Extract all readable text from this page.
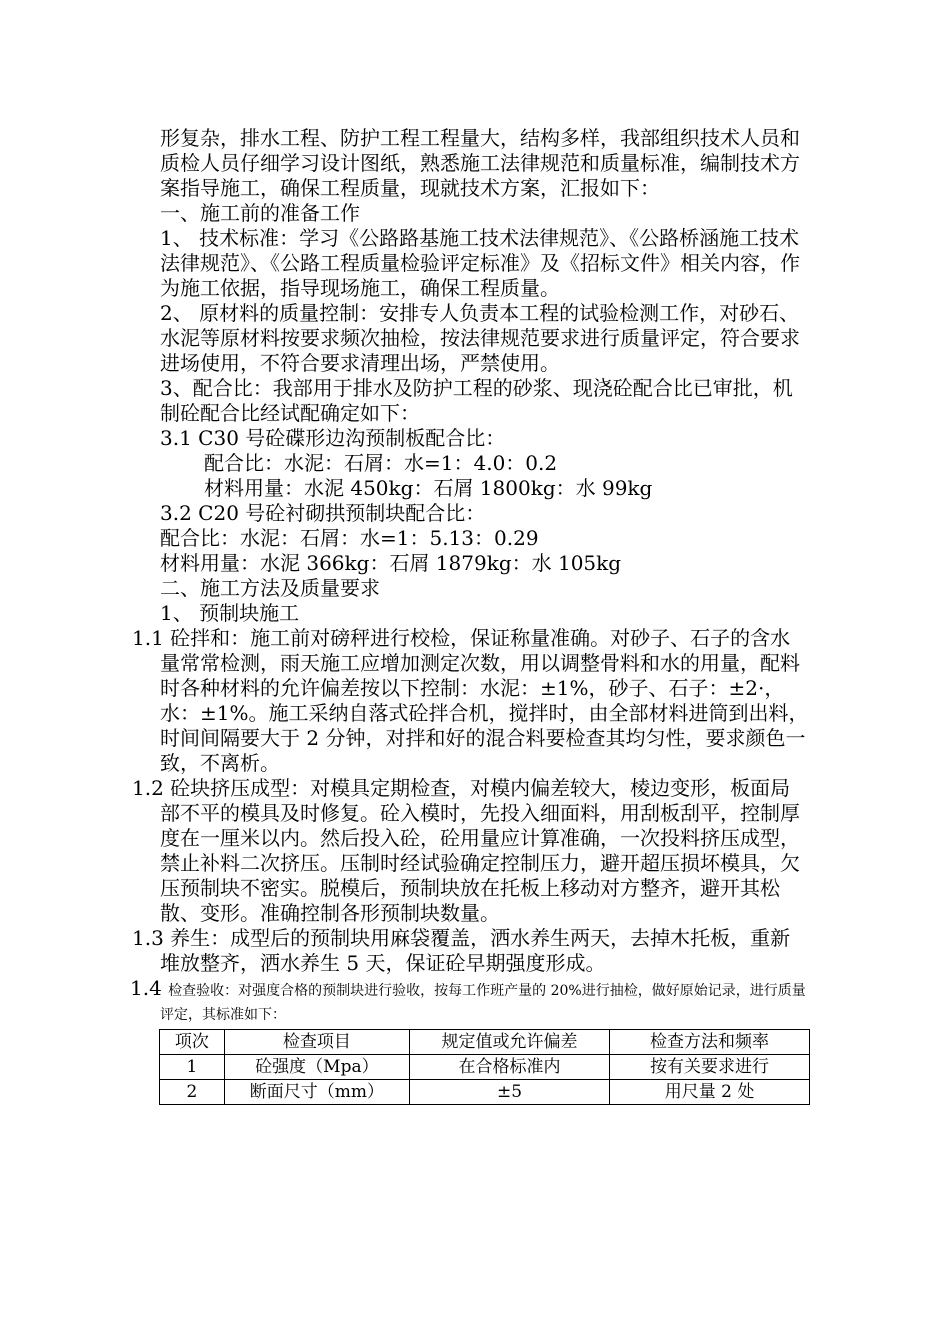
形复杂，排水工程、防护工程工程量大，结构多样，我部组织技术人员和质检人员仔细学习设计图纸，熟悉施工法律规范和质量标准，编制技术方案指导施工，确保工程质量，现就技术方案，汇报如下：

一、施工前的准备工作

1、 技术标准：学习《公路路基施工技术法律规范》、《公路桥涵施工技术法律规范》、《公路工程质量检验评定标准》及《招标文件》相关内容，作为施工依据，指导现场施工，确保工程质量。

2、 原材料的质量控制：安排专人负责本工程的试验检测工作，对砂石、水泥等原材料按要求频次抽检，按法律规范要求进行质量评定，符合要求进场使用，不符合要求清理出场，严禁使用。

3、配合比：我部用于排水及防护工程的砂浆、现浇砼配合比已审批，机制砼配合比经试配确定如下：

3.1 C30 号砼碟形边沟预制板配合比：

配合比：水泥：石屑：水=1：4.0：0.2

材料用量：水泥 450kg：石屑 1800kg：水 99kg

3.2 C20 号砼衬砌拱预制块配合比：

配合比：水泥：石屑：水=1：5.13：0.29

材料用量：水泥 366kg：石屑 1879kg：水 105kg

二、施工方法及质量要求

1、 预制块施工

1.1 砼拌和：施工前对磅秤进行校检，保证称量准确。对砂子、石子的含水量常常检测，雨天施工应增加测定次数，用以调整骨料和水的用量，配料时各种材料的允许偏差按以下控制：水泥：±1%，砂子、石子：±2·，水：±1%。施工采纳自落式砼拌合机，搅拌时，由全部材料进筒到出料，时间间隔要大于 2 分钟，对拌和好的混合料要检查其均匀性，要求颜色一致，不离析。

1.2 砼块挤压成型：对模具定期检查，对模内偏差较大，棱边变形，板面局部不平的模具及时修复。砼入模时，先投入细面料，用刮板刮平，控制厚度在一厘米以内。然后投入砼，砼用量应计算准确，一次投料挤压成型，禁止补料二次挤压。压制时经试验确定控制压力，避开超压损坏模具，欠压预制块不密实。脱模后，预制块放在托板上移动对方整齐，避开其松散、变形。准确控制各形预制块数量。

1.3 养生：成型后的预制块用麻袋覆盖，洒水养生两天，去掉木托板，重新堆放整齐，洒水养生 5 天，保证砼早期强度形成。

1.4 检查验收：对强度合格的预制块进行验收，按每工作班产量的 20%进行抽检，做好原始记录，进行质量评定，其标准如下：

项次	检查项目	规定值或允许偏差	检查方法和频率
1	砼强度（Mpa）	在合格标准内	按有关要求进行
2	断面尺寸（mm）	±5	用尺量 2 处
